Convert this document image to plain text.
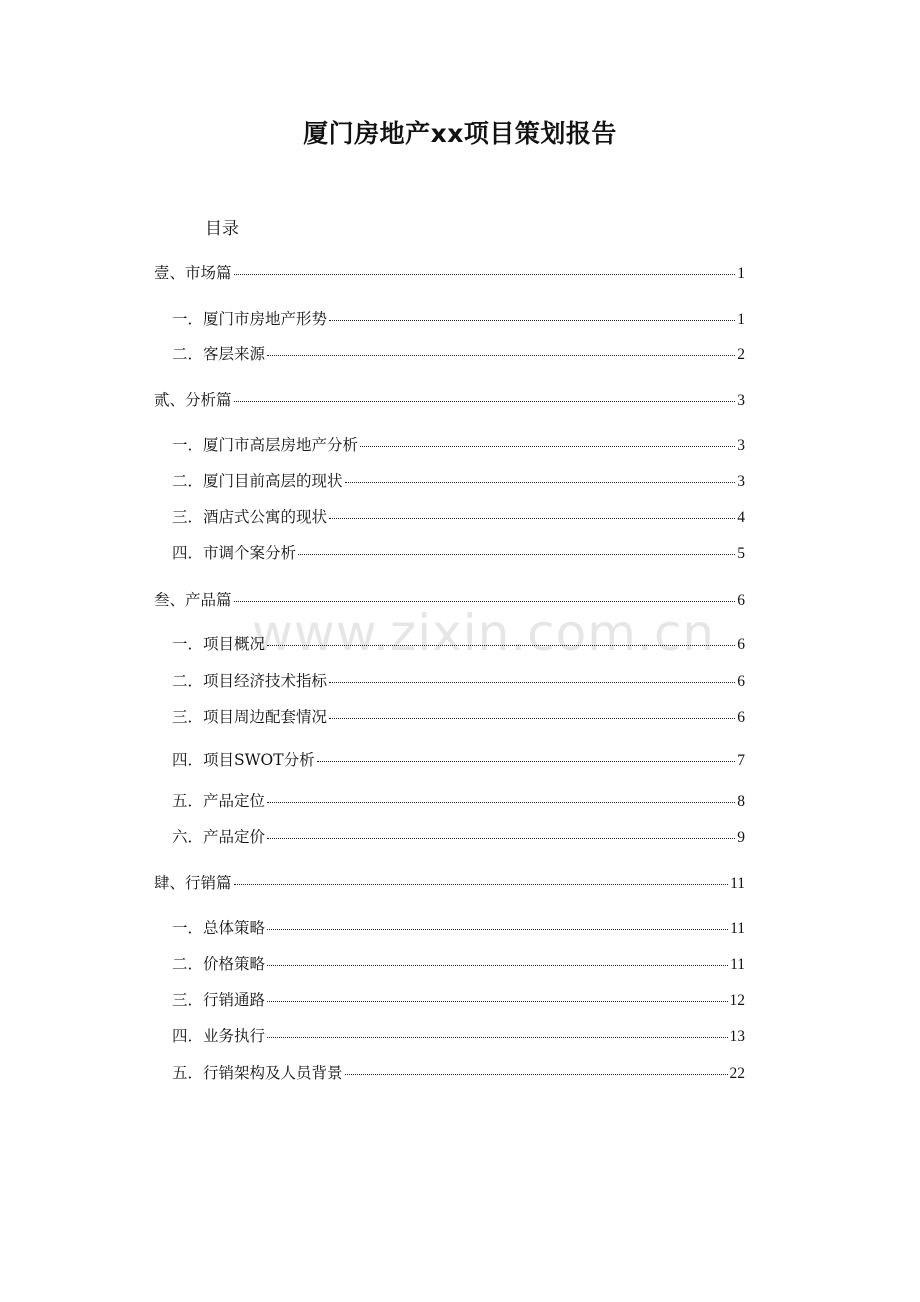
厦门房地产xx项目策划报告
目录
www.zixin.com.cn
壹、市场篇	1
一．厦门市房地产形势	1
二．客层来源	2
贰、分析篇	3
一．厦门市高层房地产分析	3
二．厦门目前高层的现状	3
三．酒店式公寓的现状	4
四．市调个案分析	5
叁、产品篇	6
一．项目概况	6
二．项目经济技术指标	6
三．项目周边配套情况	6
四．项目SWOT分析	7
五．产品定位	8
六．产品定价	9
肆、行销篇	11
一．总体策略	11
二．价格策略	11
三．行销通路	12
四．业务执行	13
五．行销架构及人员背景	22
